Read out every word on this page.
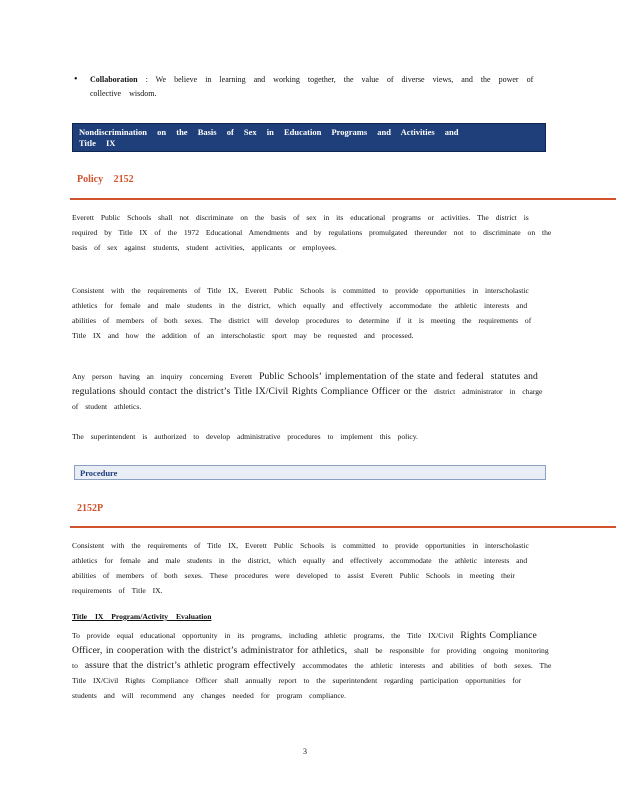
• Collaboration : We believe in learning and working together, the value of diverse views, and the power of collective wisdom.
Nondiscrimination on the Basis of Sex in Education Programs and Activities and
Title IX
Policy 2152
Everett Public Schools shall not discriminate on the basis of sex in its educational programs or activities. The district is required by Title IX of the 1972 Educational Amendments and by regulations promulgated thereunder not to discriminate on the basis of sex against students, student activities, applicants or employees.
Consistent with the requirements of Title IX, Everett Public Schools is committed to provide opportunities in interscholastic athletics for female and male students in the district, which equally and effectively accommodate the athletic interests and abilities of members of both sexes. The district will develop procedures to determine if it is meeting the requirements of Title IX and how the addition of an interscholastic sport may be requested and processed.
Any person having an inquiry concerning Everett Public Schools’ implementation of the state and federal statutes and regulations should contact the district’s Title IX/Civil Rights Compliance Officer or the district administrator in charge of student athletics.
The superintendent is authorized to develop administrative procedures to implement this policy.
Procedure
2152P
Consistent with the requirements of Title IX, Everett Public Schools is committed to provide opportunities in interscholastic athletics for female and male students in the district, which equally and effectively accommodate the athletic interests and abilities of members of both sexes. These procedures were developed to assist Everett Public Schools in meeting their requirements of Title IX.
Title IX Program/Activity Evaluation
To provide equal educational opportunity in its programs, including athletic programs, the Title IX/Civil Rights Compliance Officer, in cooperation with the district’s administrator for athletics, shall be responsible for providing ongoing monitoring to assure that the district’s athletic program effectively accommodates the athletic interests and abilities of both sexes. The Title IX/Civil Rights Compliance Officer shall annually report to the superintendent regarding participation opportunities for students and will recommend any changes needed for program compliance.
3
